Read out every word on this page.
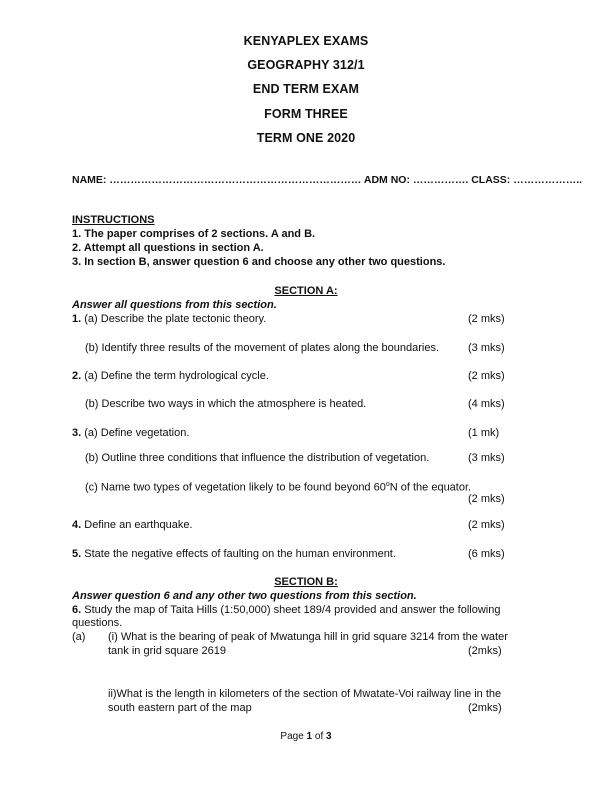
KENYAPLEX EXAMS
GEOGRAPHY 312/1
END TERM EXAM
FORM THREE
TERM ONE 2020
NAME: ……………………………………………………………… ADM NO: ……………. CLASS: ………………..
INSTRUCTIONS
1. The paper comprises of 2 sections. A and B.
2. Attempt all questions in section A.
3. In section B, answer question 6 and choose any other two questions.
SECTION A:
Answer all questions from this section.
1. (a) Describe the plate tectonic theory.	(2 mks)
(b) Identify three results of the movement of plates along the boundaries.	(3 mks)
2. (a) Define the term hydrological cycle.	(2 mks)
(b) Describe two ways in which the atmosphere is heated.	(4 mks)
3. (a) Define vegetation.	(1 mk)
(b) Outline three conditions that influence the distribution of vegetation.	(3 mks)
(c) Name two types of vegetation likely to be found beyond 60$^o$N of the equator.
(2 mks)
4. Define an earthquake.	(2 mks)
5. State the negative effects of faulting on the human environment.	(6 mks)
SECTION B:
Answer question 6 and any other two questions from this section.
6. Study the map of Taita Hills (1:50,000) sheet 189/4 provided and answer the following
questions.
(a) (i) What is the bearing of peak of Mwatunga hill in grid square 3214 from the water
tank in grid square 2619	(2mks)
ii)What is the length in kilometers of the section of Mwatate-Voi railway line in the
south eastern part of the map	(2mks)
Page 1 of 3
